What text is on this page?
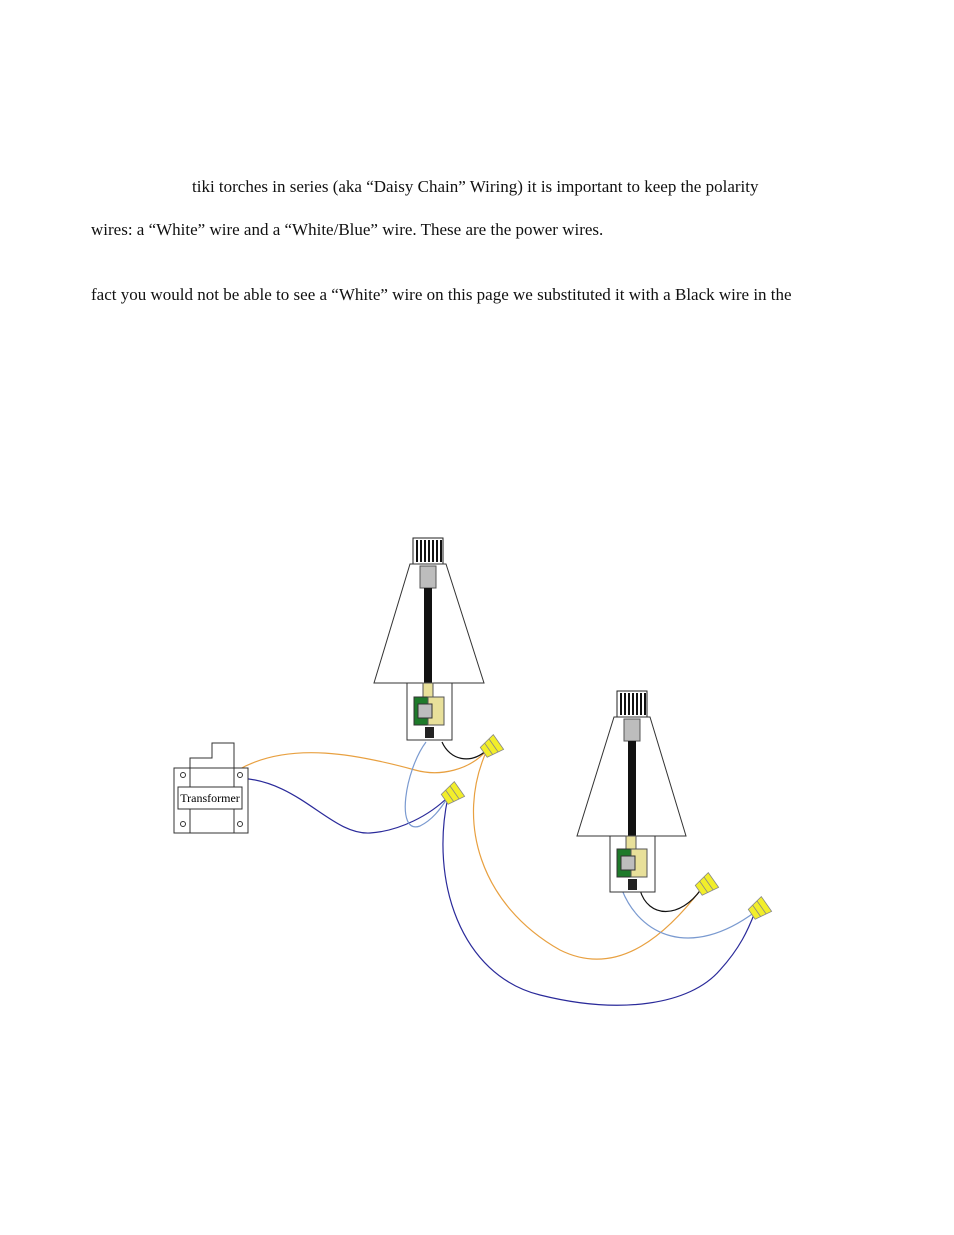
tiki torches in series (aka “Daisy Chain” Wiring) it is important to keep the polarity

wires: a “White” wire and a “White/Blue” wire. These are the power wires.

fact you would not be able to see a “White” wire on this page we substituted it with a Black wire in the

Transformer
